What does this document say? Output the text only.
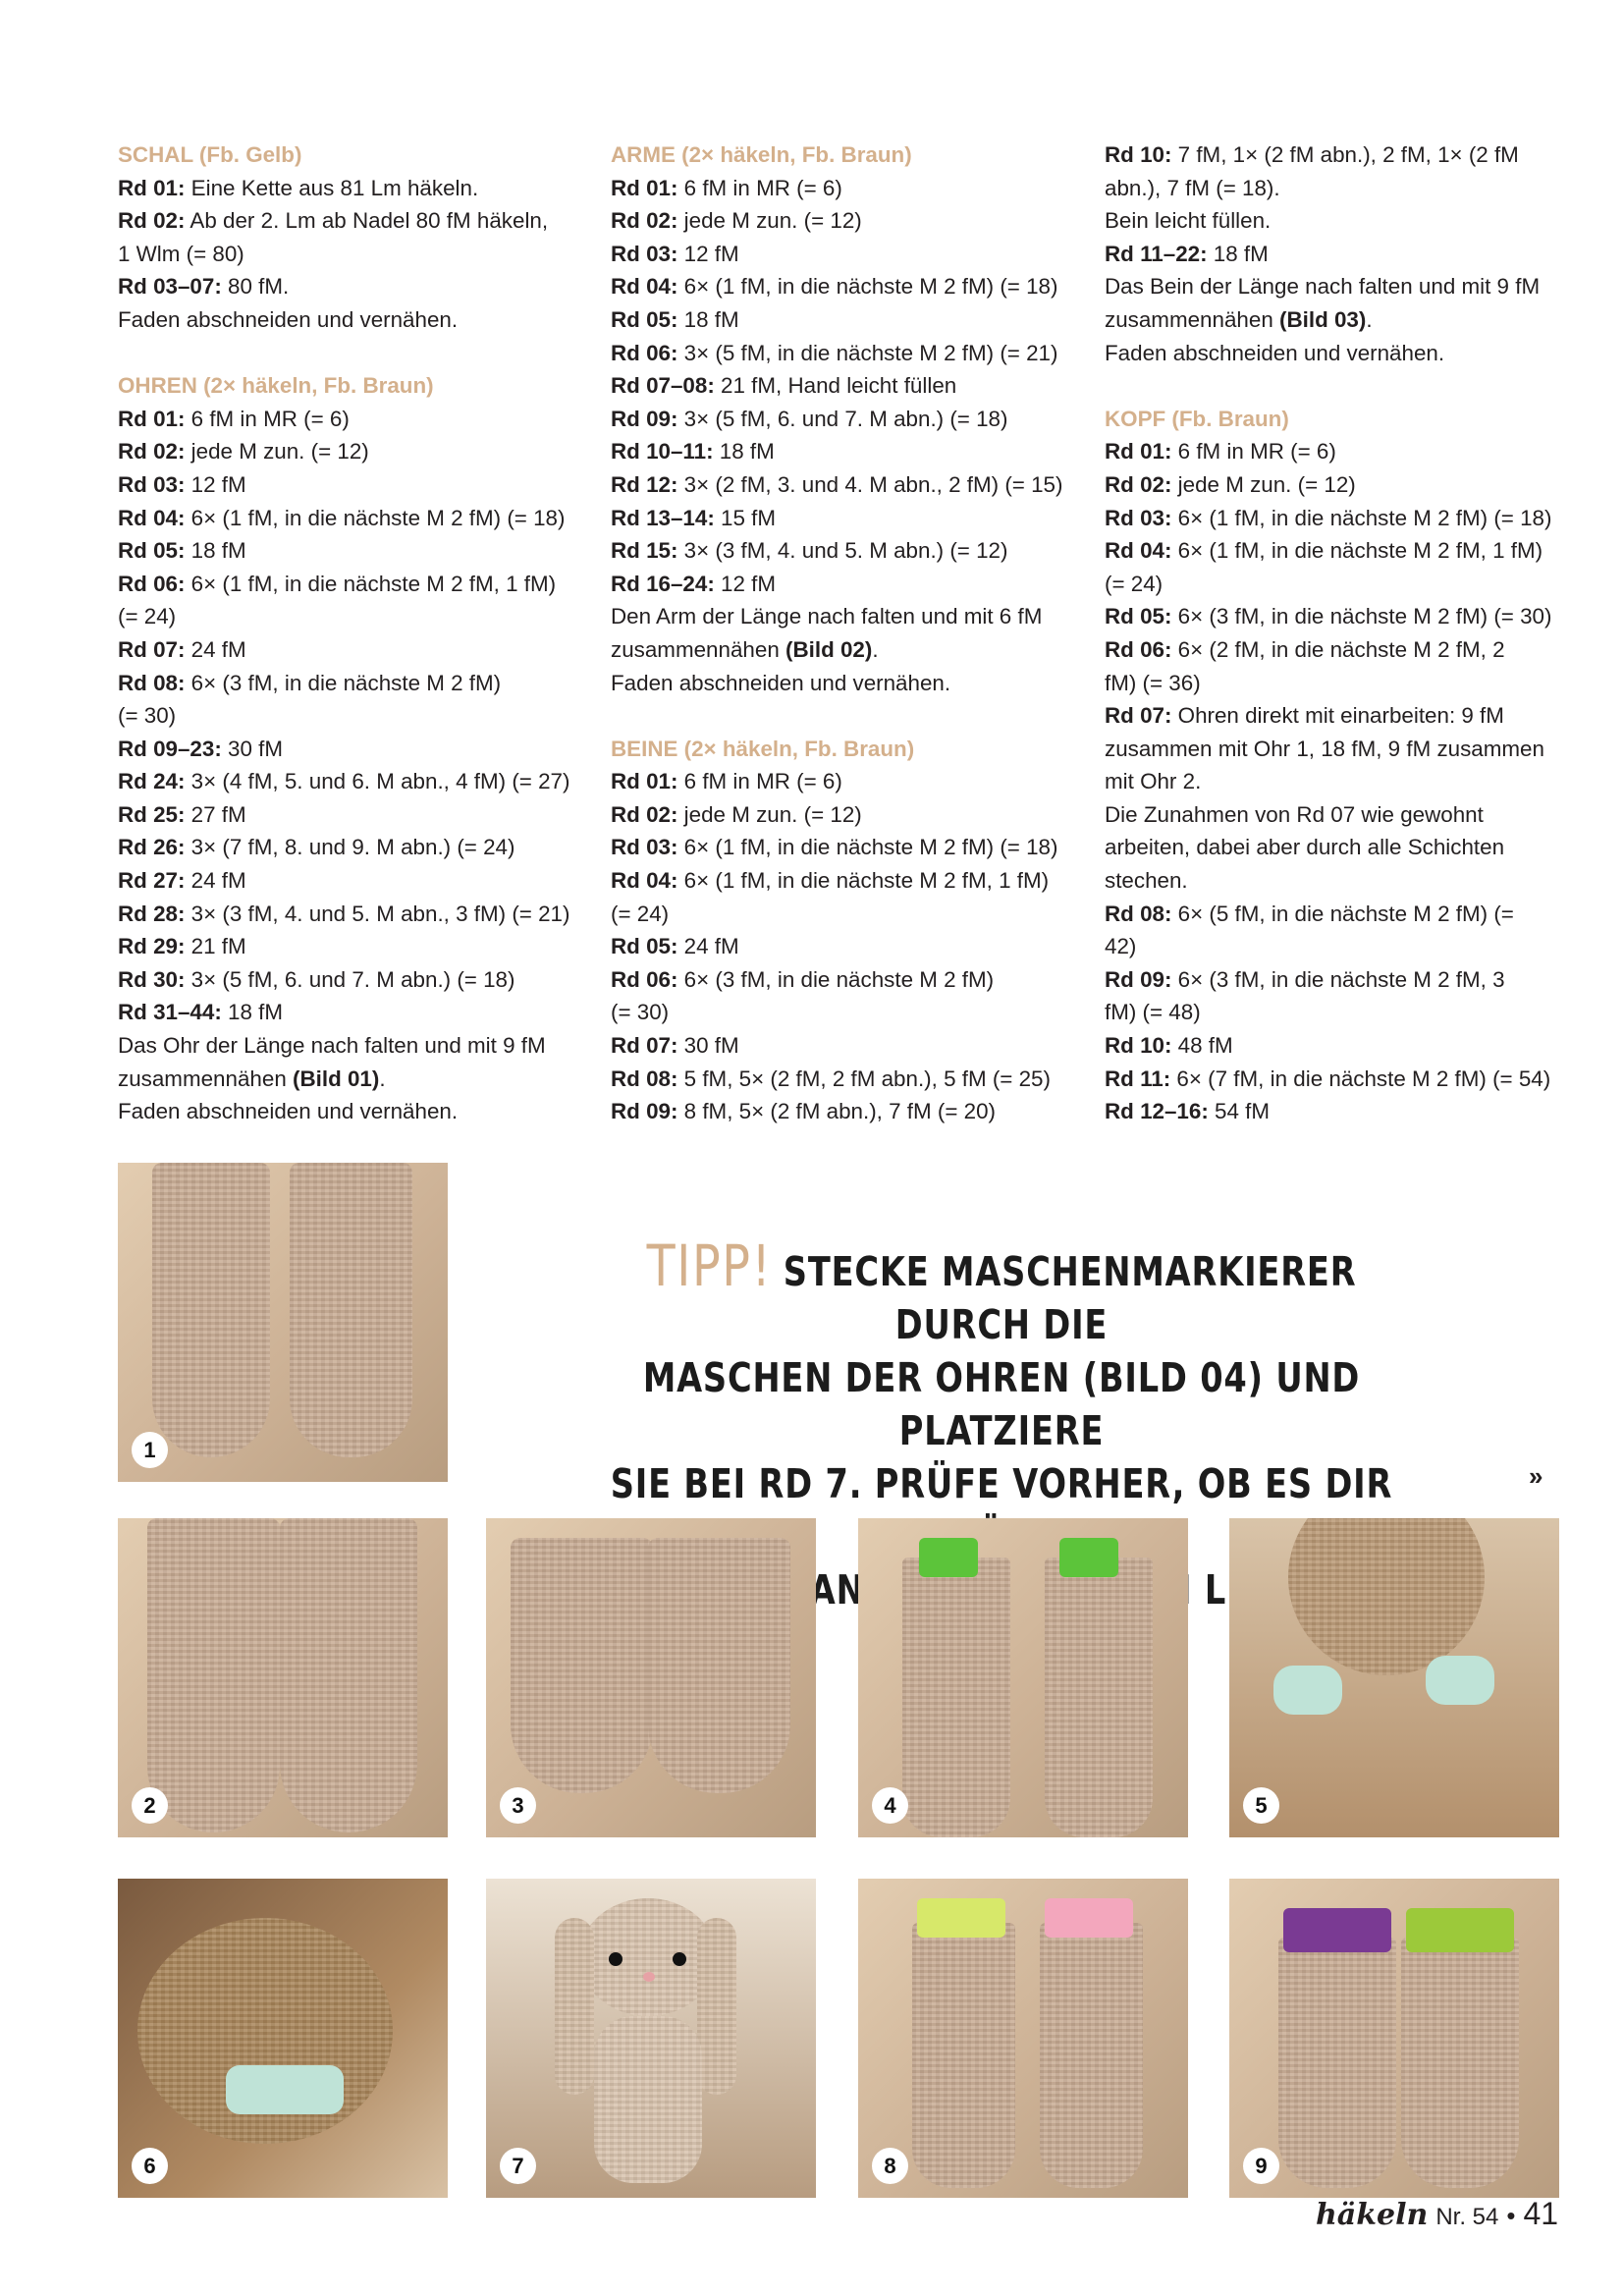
SCHAL (Fb. Gelb)
Rd 01: Eine Kette aus 81 Lm häkeln.
Rd 02: Ab der 2. Lm ab Nadel 80 fM häkeln,
1 Wlm (= 80)
Rd 03–07: 80 fM.
Faden abschneiden und vernähen.
OHREN (2× häkeln, Fb. Braun)
Rd 01: 6 fM in MR (= 6)
Rd 02: jede M zun. (= 12)
Rd 03: 12 fM
Rd 04: 6× (1 fM, in die nächste M 2 fM) (= 18)
Rd 05: 18 fM
Rd 06: 6× (1 fM, in die nächste M 2 fM, 1 fM)
(= 24)
Rd 07: 24 fM
Rd 08: 6× (3 fM, in die nächste M 2 fM)
(= 30)
Rd 09–23: 30 fM
Rd 24: 3× (4 fM, 5. und 6. M abn., 4 fM) (= 27)
Rd 25: 27 fM
Rd 26: 3× (7 fM, 8. und 9. M abn.) (= 24)
Rd 27: 24 fM
Rd 28: 3× (3 fM, 4. und 5. M abn., 3 fM) (= 21)
Rd 29: 21 fM
Rd 30: 3× (5 fM, 6. und 7. M abn.) (= 18)
Rd 31–44: 18 fM
Das Ohr der Länge nach falten und mit 9 fM
zusammennähen (Bild 01).
Faden abschneiden und vernähen.
ARME (2× häkeln, Fb. Braun)
Rd 01: 6 fM in MR (= 6)
Rd 02: jede M zun. (= 12)
Rd 03: 12 fM
Rd 04: 6× (1 fM, in die nächste M 2 fM) (= 18)
Rd 05: 18 fM
Rd 06: 3× (5 fM, in die nächste M 2 fM) (= 21)
Rd 07–08: 21 fM, Hand leicht füllen
Rd 09: 3× (5 fM, 6. und 7. M abn.) (= 18)
Rd 10–11: 18 fM
Rd 12: 3× (2 fM, 3. und 4. M abn., 2 fM) (= 15)
Rd 13–14: 15 fM
Rd 15: 3× (3 fM, 4. und 5. M abn.) (= 12)
Rd 16–24: 12 fM
Den Arm der Länge nach falten und mit 6 fM
zusammennähen (Bild 02).
Faden abschneiden und vernähen.
BEINE (2× häkeln, Fb. Braun)
Rd 01: 6 fM in MR (= 6)
Rd 02: jede M zun. (= 12)
Rd 03: 6× (1 fM, in die nächste M 2 fM) (= 18)
Rd 04: 6× (1 fM, in die nächste M 2 fM, 1 fM)
(= 24)
Rd 05: 24 fM
Rd 06: 6× (3 fM, in die nächste M 2 fM)
(= 30)
Rd 07: 30 fM
Rd 08: 5 fM, 5× (2 fM, 2 fM abn.), 5 fM (= 25)
Rd 09: 8 fM, 5× (2 fM abn.), 7 fM (= 20)
Rd 10: 7 fM, 1× (2 fM abn.), 2 fM, 1× (2 fM
abn.), 7 fM (= 18).
Bein leicht füllen.
Rd 11–22: 18 fM
Das Bein der Länge nach falten und mit 9 fM
zusammennähen (Bild 03).
Faden abschneiden und vernähen.
KOPF (Fb. Braun)
Rd 01: 6 fM in MR (= 6)
Rd 02: jede M zun. (= 12)
Rd 03: 6× (1 fM, in die nächste M 2 fM) (= 18)
Rd 04: 6× (1 fM, in die nächste M 2 fM, 1 fM)
(= 24)
Rd 05: 6× (3 fM, in die nächste M 2 fM) (= 30)
Rd 06: 6× (2 fM, in die nächste M 2 fM, 2
fM) (= 36)
Rd 07: Ohren direkt mit einarbeiten: 9 fM
zusammen mit Ohr 1, 18 fM, 9 fM zusammen
mit Ohr 2.
Die Zunahmen von Rd 07 wie gewohnt
arbeiten, dabei aber durch alle Schichten
stechen.
Rd 08: 6× (5 fM, in die nächste M 2 fM) (=
42)
Rd 09: 6× (3 fM, in die nächste M 2 fM, 3
fM) (= 48)
Rd 10: 48 fM
Rd 11: 6× (7 fM, in die nächste M 2 fM) (= 54)
Rd 12–16: 54 fM
1
TIPP! STECKE MASCHENMARKIERER DURCH DIE
MASCHEN DER OHREN (BILD 04) UND PLATZIERE
SIE BEI RD 7. PRÜFE VORHER, OB ES DIR	»
2	3	4	5
6	7	8	9
häkeln Nr. 54 • 41
